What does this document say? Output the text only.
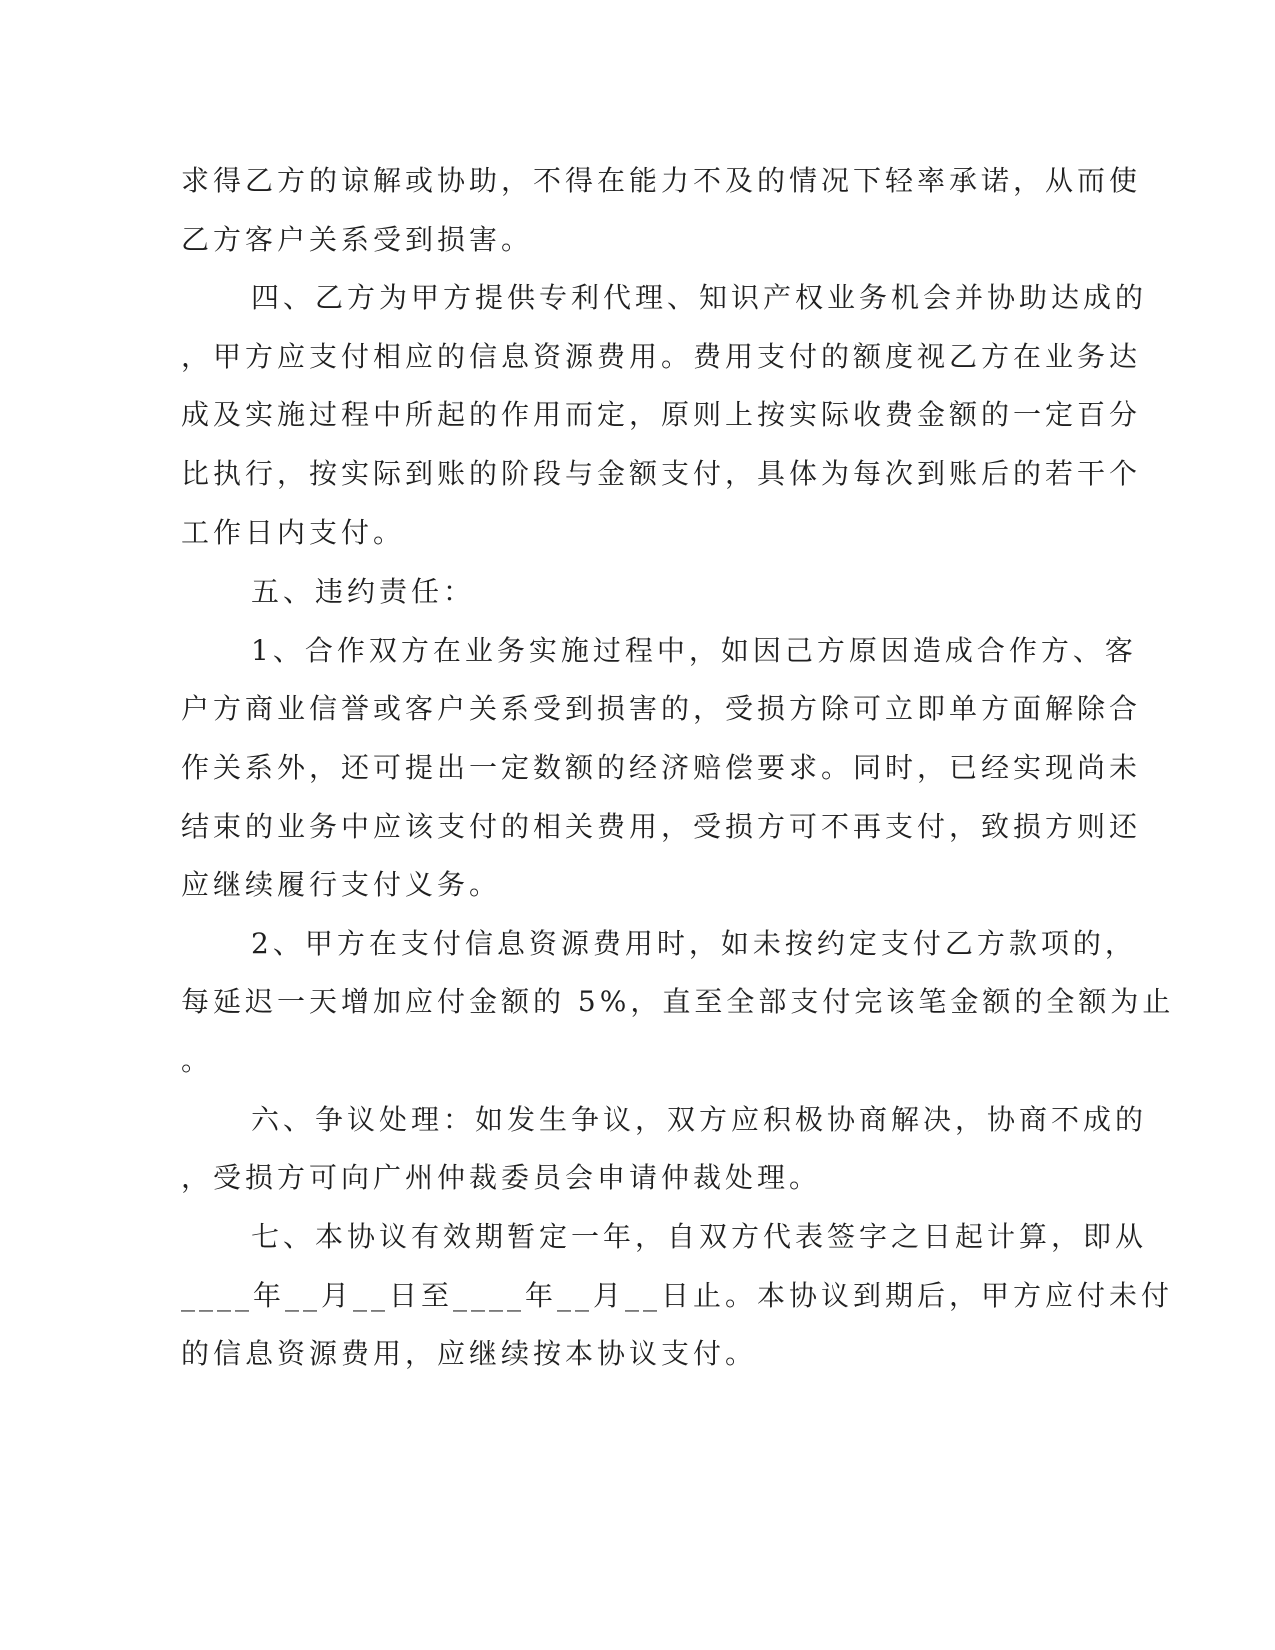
求得乙方的谅解或协助，不得在能力不及的情况下轻率承诺，从而使
乙方客户关系受到损害。
四、乙方为甲方提供专利代理、知识产权业务机会并协助达成的
，甲方应支付相应的信息资源费用。费用支付的额度视乙方在业务达
成及实施过程中所起的作用而定，原则上按实际收费金额的一定百分
比执行，按实际到账的阶段与金额支付，具体为每次到账后的若干个
工作日内支付。
五、违约责任：
1、合作双方在业务实施过程中，如因己方原因造成合作方、客
户方商业信誉或客户关系受到损害的，受损方除可立即单方面解除合
作关系外，还可提出一定数额的经济赔偿要求。同时，已经实现尚未
结束的业务中应该支付的相关费用，受损方可不再支付，致损方则还
应继续履行支付义务。
2、甲方在支付信息资源费用时，如未按约定支付乙方款项的，
每延迟一天增加应付金额的 5%，直至全部支付完该笔金额的全额为止
。
六、争议处理：如发生争议，双方应积极协商解决，协商不成的
，受损方可向广州仲裁委员会申请仲裁处理。
七、本协议有效期暂定一年，自双方代表签字之日起计算，即从
____年__月__日至____年__月__日止。本协议到期后，甲方应付未付
的信息资源费用，应继续按本协议支付。
